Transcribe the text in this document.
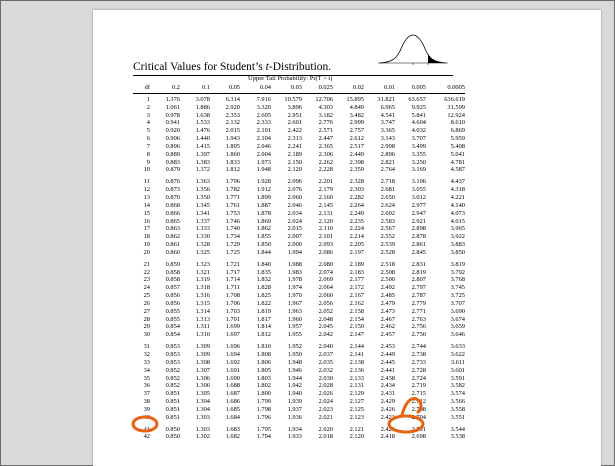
Critical Values for Student’s t-Distribution.
Upper Tail Probability: Pr(T > t)
df	0.2	0.1	0.05	0.04	0.03	0.025	0.02	0.01	0.005	0.0005
1	1.376	3.078	6.314	7.916	10.579	12.706	15.895	31.821	63.657	636.619
2	1.061	1.886	2.920	3.320	3.896	4.303	4.849	6.965	9.925	31.599
3	0.978	1.638	2.353	2.605	2.951	3.182	3.482	4.541	5.841	12.924
4	0.941	1.533	2.132	2.333	2.601	2.776	2.999	3.747	4.604	8.610
5	0.920	1.476	2.015	2.191	2.422	2.571	2.757	3.365	4.032	6.869
6	0.906	1.440	1.943	2.104	2.313	2.447	2.612	3.143	3.707	5.959
7	0.896	1.415	1.895	2.046	2.241	2.365	2.517	2.998	3.499	5.408
8	0.889	1.397	1.860	2.004	2.189	2.306	2.449	2.896	3.355	5.041
9	0.883	1.383	1.833	1.973	2.150	2.262	2.398	2.821	3.250	4.781
10	0.879	1.372	1.812	1.948	2.120	2.228	2.359	2.764	3.169	4.587
11	0.876	1.363	1.796	1.928	2.096	2.201	2.328	2.718	3.106	4.437
12	0.873	1.356	1.782	1.912	2.076	2.179	2.303	2.681	3.055	4.318
13	0.870	1.350	1.771	1.899	2.060	2.160	2.282	2.650	3.012	4.221
14	0.868	1.345	1.761	1.887	2.046	2.145	2.264	2.624	2.977	4.140
15	0.866	1.341	1.753	1.878	2.034	2.131	2.249	2.602	2.947	4.073
16	0.865	1.337	1.746	1.869	2.024	2.120	2.235	2.583	2.921	4.015
17	0.863	1.333	1.740	1.862	2.015	2.110	2.224	2.567	2.898	3.965
18	0.862	1.330	1.734	1.855	2.007	2.101	2.214	2.552	2.878	3.922
19	0.861	1.328	1.729	1.850	2.000	2.093	2.205	2.539	2.861	3.883
20	0.860	1.325	1.725	1.844	1.994	2.086	2.197	2.528	2.845	3.850
21	0.859	1.323	1.721	1.840	1.988	2.080	2.189	2.518	2.831	3.819
22	0.858	1.321	1.717	1.835	1.983	2.074	2.183	2.508	2.819	3.792
23	0.858	1.319	1.714	1.832	1.978	2.069	2.177	2.500	2.807	3.768
24	0.857	1.318	1.711	1.828	1.974	2.064	2.172	2.492	2.797	3.745
25	0.856	1.316	1.708	1.825	1.970	2.060	2.167	2.485	2.787	3.725
26	0.856	1.315	1.706	1.822	1.967	2.056	2.162	2.479	2.779	3.707
27	0.855	1.314	1.703	1.819	1.963	2.052	2.158	2.473	2.771	3.690
28	0.855	1.313	1.701	1.817	1.960	2.048	2.154	2.467	2.763	3.674
29	0.854	1.311	1.699	1.814	1.957	2.045	2.150	2.462	2.756	3.659
30	0.854	1.310	1.697	1.812	1.955	2.042	2.147	2.457	2.750	3.646
31	0.853	1.309	1.696	1.810	1.952	2.040	2.144	2.453	2.744	3.633
32	0.853	1.309	1.694	1.808	1.950	2.037	2.141	2.449	2.738	3.622
33	0.853	1.308	1.692	1.806	1.948	2.035	2.138	2.445	2.733	3.611
34	0.852	1.307	1.691	1.805	1.946	2.032	2.136	2.441	2.728	3.601
35	0.852	1.306	1.690	1.803	1.944	2.030	2.133	2.438	2.724	3.591
36	0.852	1.306	1.688	1.802	1.942	2.028	2.131	2.434	2.719	3.582
37	0.851	1.305	1.687	1.800	1.940	2.026	2.129	2.431	2.715	3.574
38	0.851	1.304	1.686	1.799	1.939	2.024	2.127	2.429	2.712	3.566
39	0.851	1.304	1.685	1.798	1.937	2.023	2.125	2.426	2.708	3.558
40	0.851	1.303	1.684	1.796	1.936	2.021	2.123	2.423	2.704	3.551
41	0.850	1.303	1.683	1.795	1.934	2.020	2.121	2.421	2.701	3.544
42	0.850	1.302	1.682	1.794	1.933	2.018	2.120	2.418	2.698	3.538
